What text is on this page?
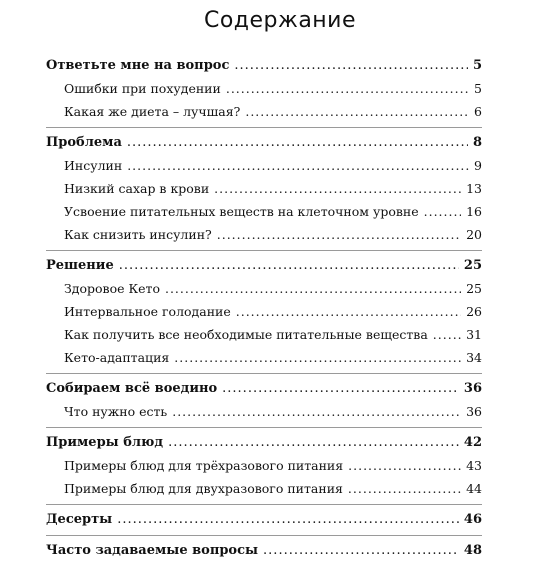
Содержание
Ответьте мне на вопрос .....	5
Ошибки при похудении .....	5
Какая же диета – лучшая? .....	6
Проблема .....	8
Инсулин .....	9
Низкий сахар в крови .....	13
Усвоение питательных веществ на клеточном уровне .....	16
Как снизить инсулин? .....	20
Решение .....	25
Здоровое Кето .....	25
Интервальное голодание .....	26
Как получить все необходимые питательные вещества .....	31
Кето-адаптация .....	34
Собираем всё воедино .....	36
Что нужно есть .....	36
Примеры блюд .....	42
Примеры блюд для трёхразового питания .....	43
Примеры блюд для двухразового питания .....	44
Десерты .....	46
Часто задаваемые вопросы .....	48
